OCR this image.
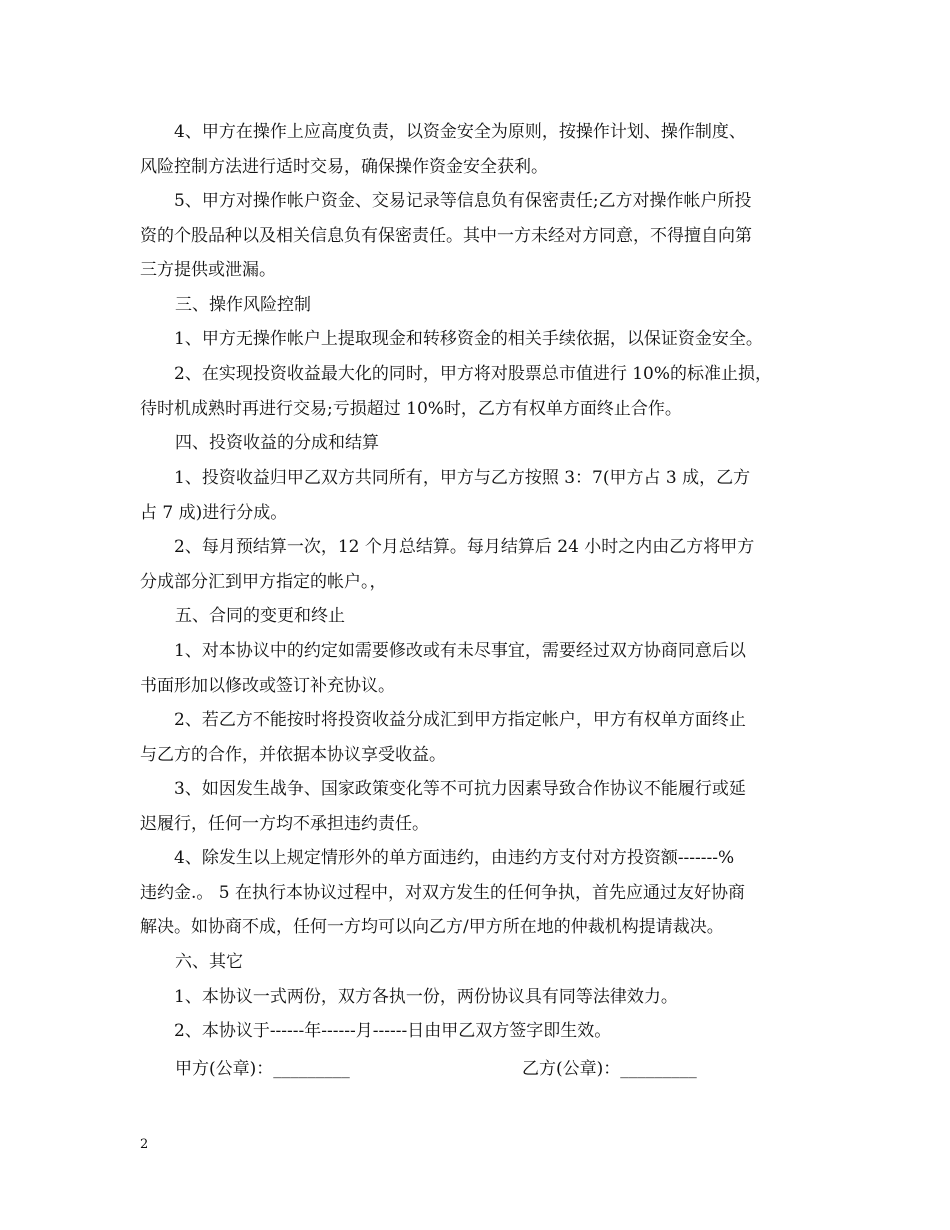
4、甲方在操作上应高度负责，以资金安全为原则，按操作计划、操作制度、
风险控制方法进行适时交易，确保操作资金安全获利。

5、甲方对操作帐户资金、交易记录等信息负有保密责任;乙方对操作帐户所投
资的个股品种以及相关信息负有保密责任。其中一方未经对方同意，不得擅自向第
三方提供或泄漏。

三、操作风险控制

1、甲方无操作帐户上提取现金和转移资金的相关手续依据，以保证资金安全。

2、在实现投资收益最大化的同时，甲方将对股票总市值进行 10%的标准止损，
待时机成熟时再进行交易;亏损超过 10%时，乙方有权单方面终止合作。

四、投资收益的分成和结算

1、投资收益归甲乙双方共同所有，甲方与乙方按照 3：7(甲方占 3 成，乙方
占 7 成)进行分成。

2、每月预结算一次，12 个月总结算。每月结算后 24 小时之内由乙方将甲方
分成部分汇到甲方指定的帐户。，

五、合同的变更和终止

1、对本协议中的约定如需要修改或有未尽事宜，需要经过双方协商同意后以
书面形加以修改或签订补充协议。

2、若乙方不能按时将投资收益分成汇到甲方指定帐户，甲方有权单方面终止
与乙方的合作，并依据本协议享受收益。

3、如因发生战争、国家政策变化等不可抗力因素导致合作协议不能履行或延
迟履行，任何一方均不承担违约责任。

4、除发生以上规定情形外的单方面违约，由违约方支付对方投资额-------%
违约金.。 5 在执行本协议过程中，对双方发生的任何争执，首先应通过友好协商
解决。如协商不成，任何一方均可以向乙方/甲方所在地的仲裁机构提请裁决。

六、其它

1、本协议一式两份，双方各执一份，两份协议具有同等法律效力。

2、本协议于------年------月------日由甲乙双方签字即生效。

甲方(公章)：_________	乙方(公章)：_________
2
